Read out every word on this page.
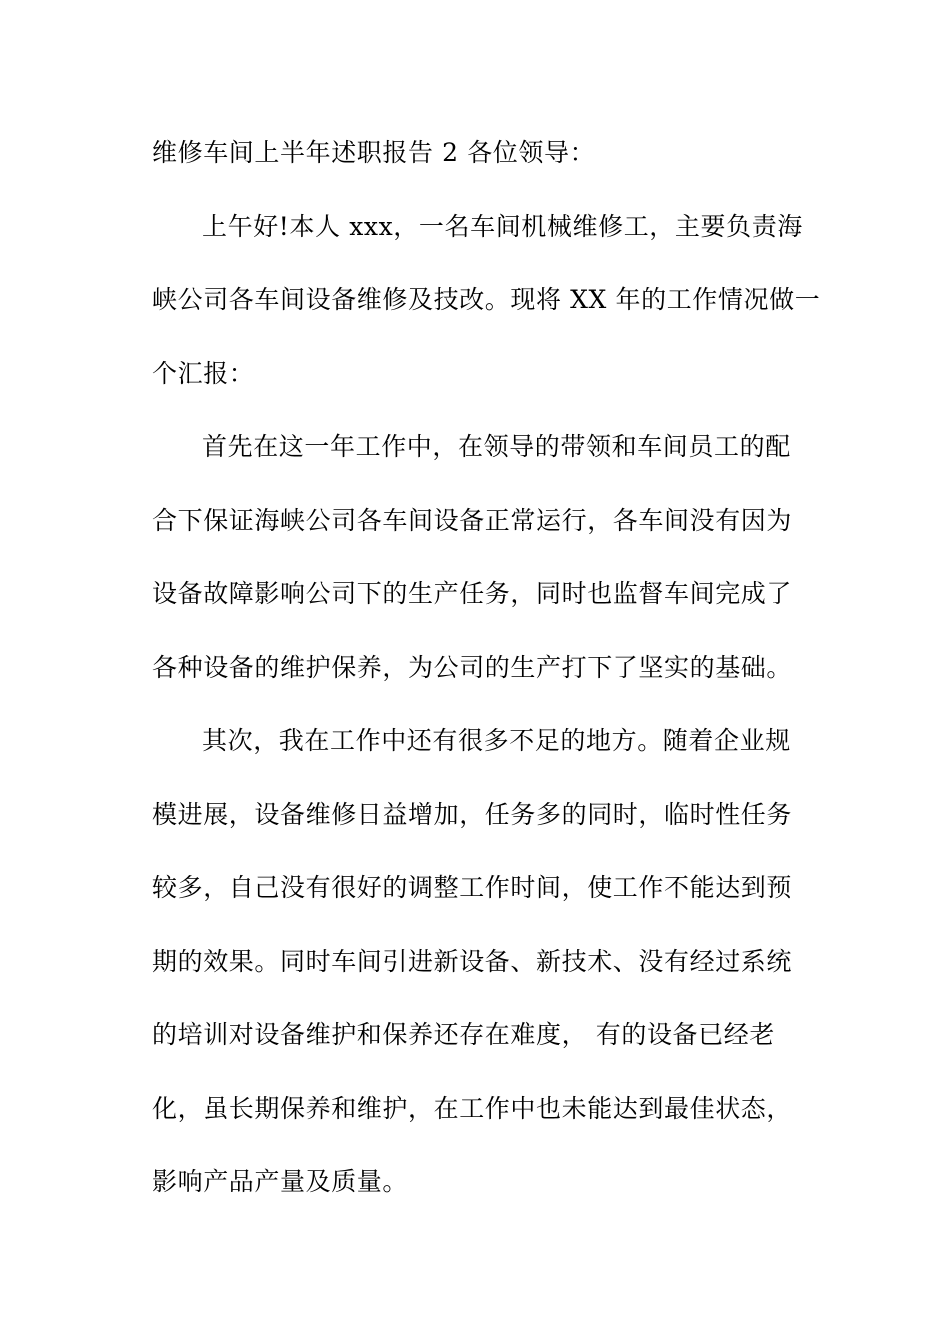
维修车间上半年述职报告 2 各位领导：
上午好!本人 xxx，一名车间机械维修工，主要负责海
峡公司各车间设备维修及技改。现将 XX 年的工作情况做一
个汇报：
首先在这一年工作中，在领导的带领和车间员工的配
合下保证海峡公司各车间设备正常运行，各车间没有因为
设备故障影响公司下的生产任务，同时也监督车间完成了
各种设备的维护保养，为公司的生产打下了坚实的基础。
其次，我在工作中还有很多不足的地方。随着企业规
模进展，设备维修日益增加，任务多的同时，临时性任务
较多，自己没有很好的调整工作时间，使工作不能达到预
期的效果。同时车间引进新设备、新技术、没有经过系统
的培训对设备维护和保养还存在难度， 有的设备已经老
化，虽长期保养和维护，在工作中也未能达到最佳状态，
影响产品产量及质量。
